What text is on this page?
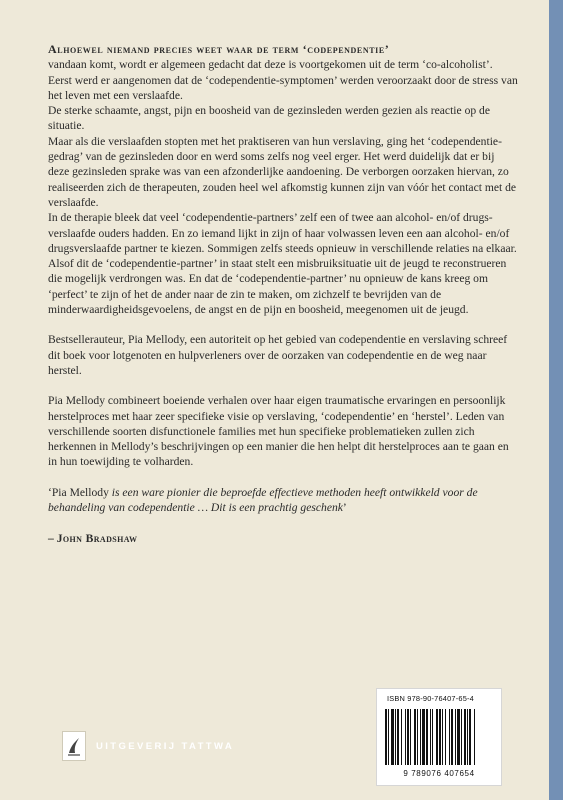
Alhoewel niemand precies weet waar de term ‘codependentie’
vandaan komt, wordt er algemeen gedacht dat deze is voortgekomen uit de term ‘co-alcoholist’. Eerst werd er aangenomen dat de ‘codependentie-symptomen’ werden veroorzaakt door de stress van het leven met een verslaafde.

De sterke schaamte, angst, pijn en boosheid van de gezinsleden werden gezien als reactie op de situatie.

Maar als die verslaafden stopten met het praktiseren van hun verslaving, ging het ‘codependentie- gedrag’ van de gezinsleden door en werd soms zelfs nog veel erger. Het werd duidelijk dat er bij deze gezinsleden sprake was van een afzonderlijke aandoening. De verborgen oorzaken hiervan, zo realiseerden zich de therapeuten, zouden heel wel afkomstig kunnen zijn van vóór het contact met de verslaafde.

In de therapie bleek dat veel ‘codependentie-partners’ zelf een of twee aan alcohol- en/of drugs- verslaafde ouders hadden. En zo iemand lijkt in zijn of haar volwassen leven een aan alcohol- en/of drugsverslaafde partner te kiezen. Sommigen zelfs steeds opnieuw in verschillende relaties na elkaar. Alsof dit de ‘codependentie-partner’ in staat stelt een misbruiksituatie uit de jeugd te reconstrueren die mogelijk verdrongen was. En dat de ‘codependentie-partner’ nu opnieuw de kans kreeg om ‘perfect’ te zijn of het de ander naar de zin te maken, om zichzelf te bevrijden van de minderwaardigheidsgevoelens, de angst en de pijn en boosheid, meegenomen uit de jeugd.

Bestsellerauteur, Pia Mellody, een autoriteit op het gebied van codependentie en verslaving schreef dit boek voor lotgenoten en hulpverleners over de oorzaken van codependentie en de weg naar herstel.

Pia Mellody combineert boeiende verhalen over haar eigen traumatische ervaringen en persoonlijk herstelproces met haar zeer specifieke visie op verslaving, ‘codependentie’ en ‘herstel’. Leden van verschillende soorten disfunctionele families met hun specifieke problematieken zullen zich herkennen in Mellody’s beschrijvingen op een manier die hen helpt dit herstelproces aan te gaan en in hun toewijding te volharden.

‘Pia Mellody is een ware pionier die beproefde effectieve methoden heeft ontwikkeld voor de behandeling van codependentie … Dit is een prachtig geschenk’

– John Bradshaw

UITGEVERIJ TATTWA
ISBN 978-90-76407-65-4
9 789076 407654
